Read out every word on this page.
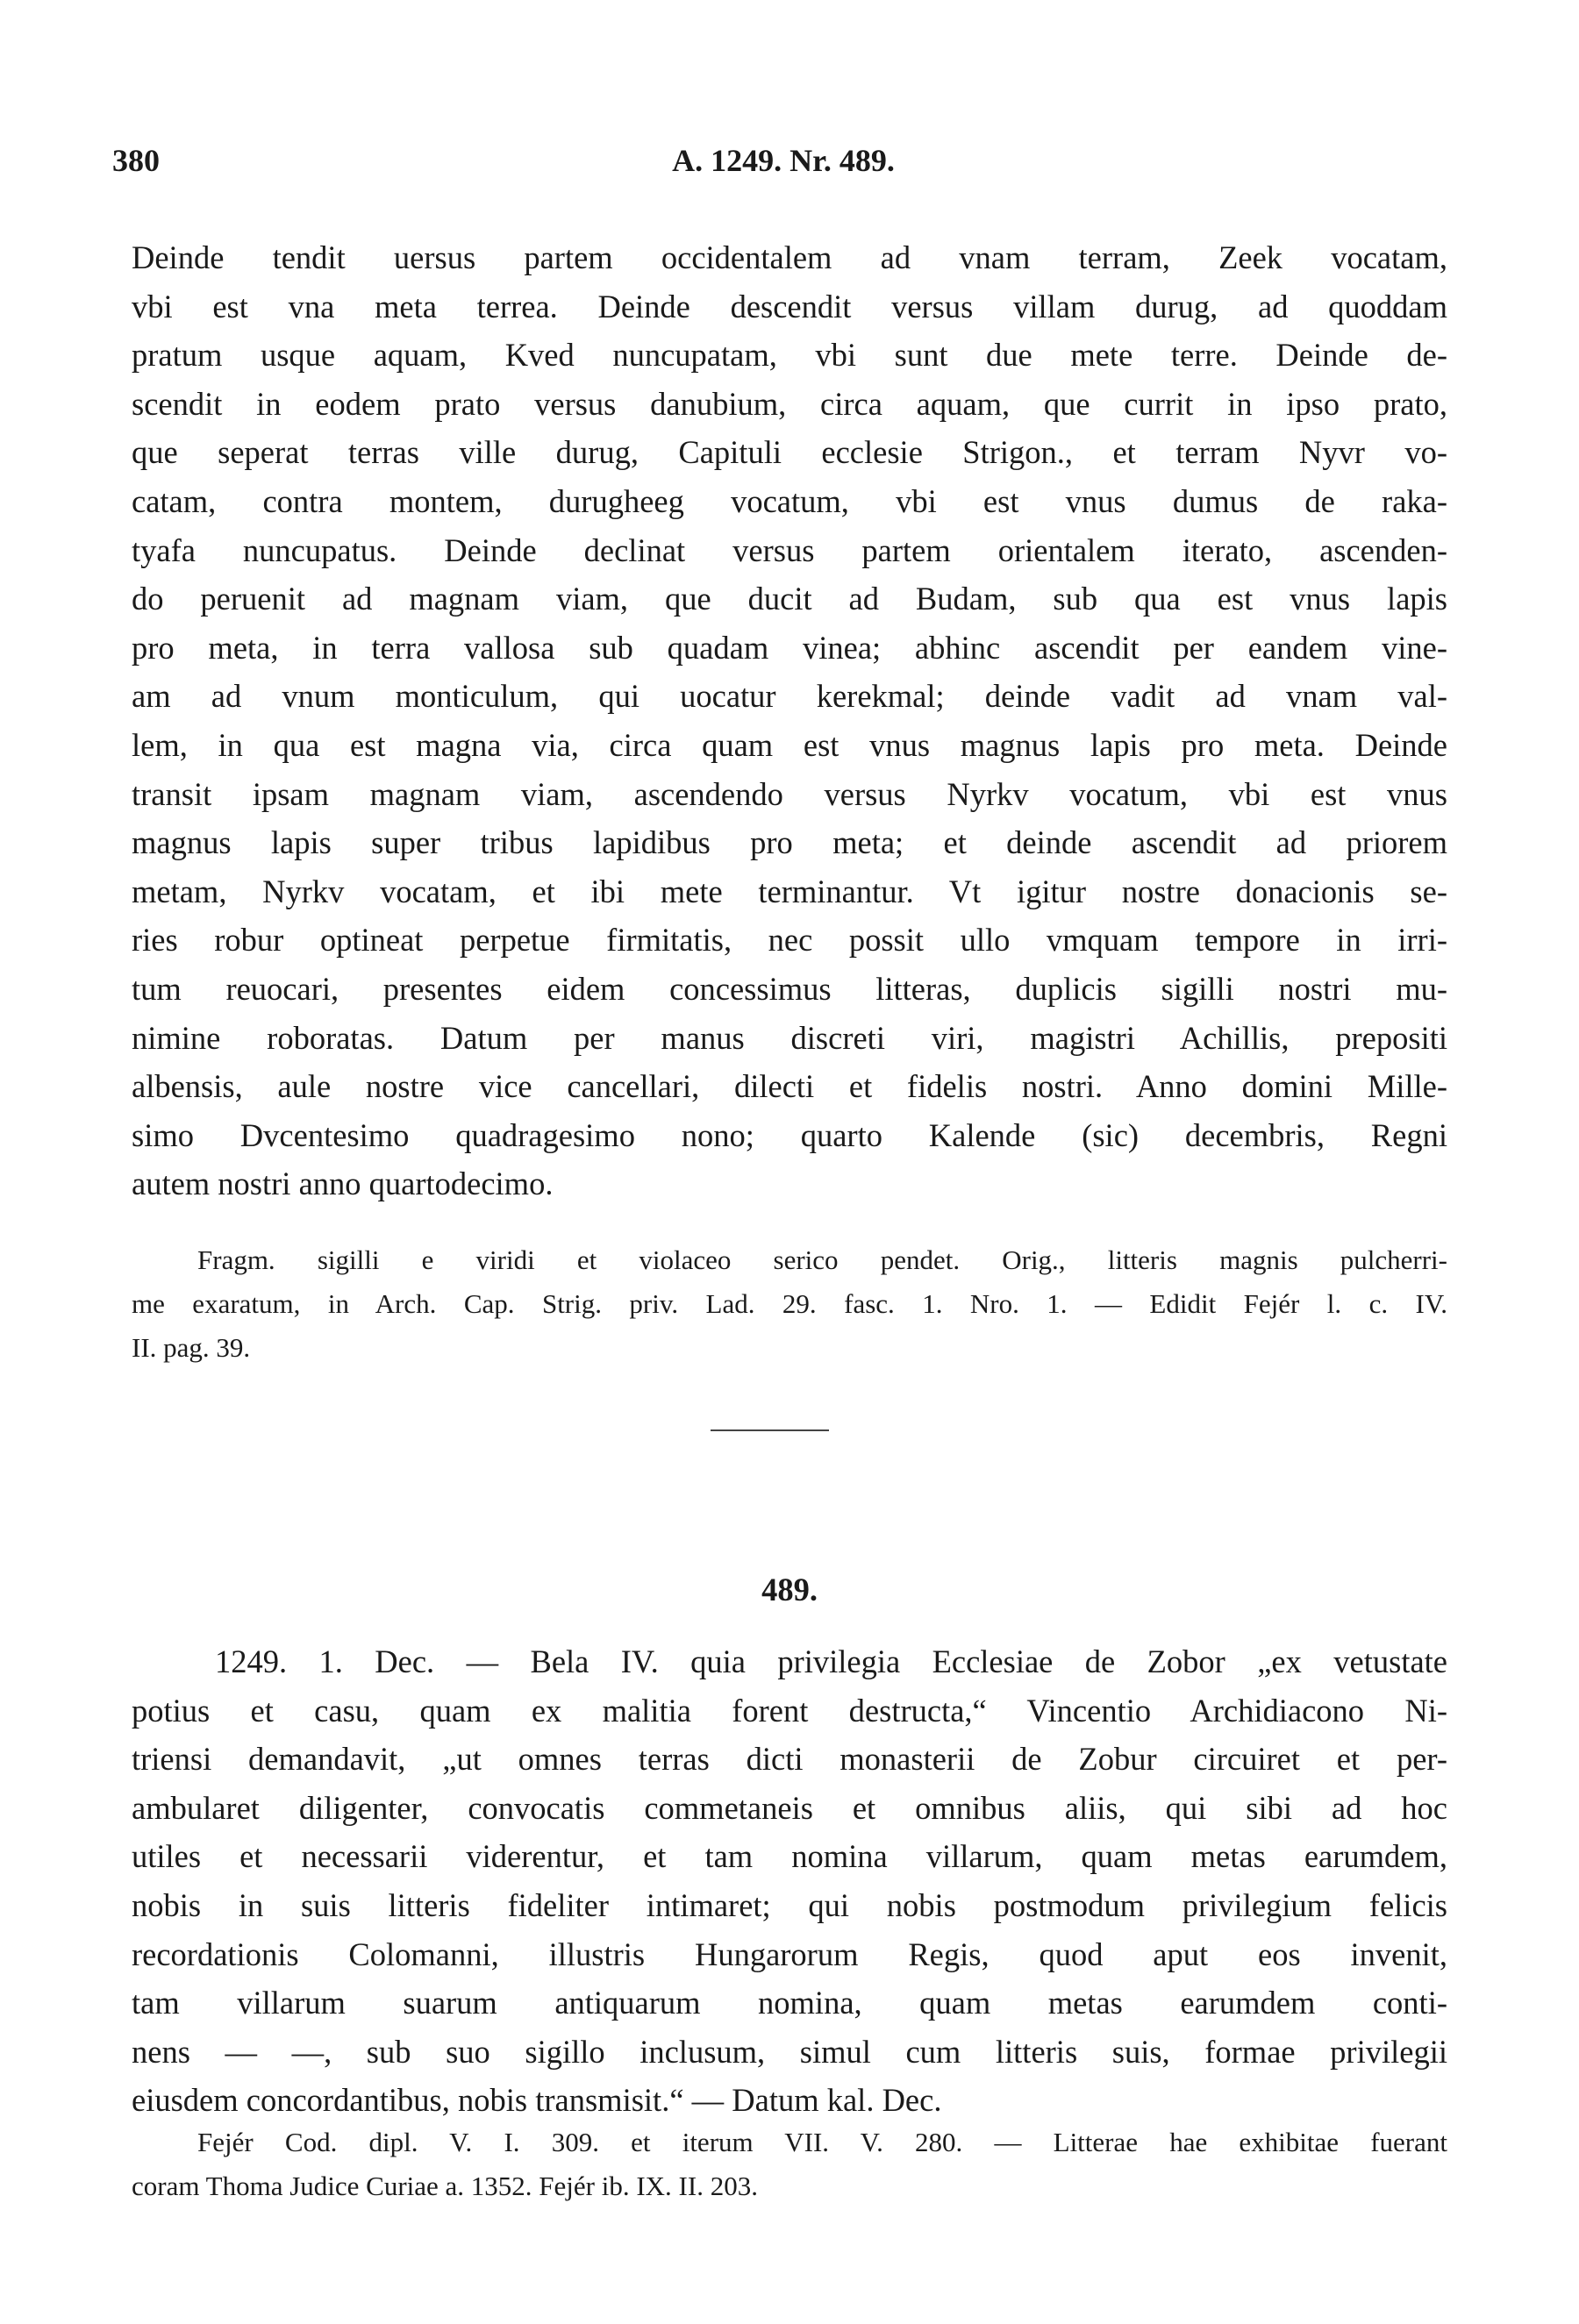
380	A. 1249. Nr. 489.
Deinde tendit uersus partem occidentalem ad vnam terram, Zeek vocatam,
vbi est vna meta terrea. Deinde descendit versus villam durug, ad quoddam
pratum usque aquam, Kved nuncupatam, vbi sunt due mete terre. Deinde de-
scendit in eodem prato versus danubium, circa aquam, que currit in ipso prato,
que seperat terras ville durug, Capituli ecclesie Strigon., et terram Nyvr vo-
catam, contra montem, durugheeg vocatum, vbi est vnus dumus de raka-
tyafa nuncupatus. Deinde declinat versus partem orientalem iterato, ascenden-
do peruenit ad magnam viam, que ducit ad Budam, sub qua est vnus lapis
pro meta, in terra vallosa sub quadam vinea; abhinc ascendit per eandem vine-
am ad vnum monticulum, qui uocatur kerekmal; deinde vadit ad vnam val-
lem, in qua est magna via, circa quam est vnus magnus lapis pro meta. Deinde
transit ipsam magnam viam, ascendendo versus Nyrkv vocatum, vbi est vnus
magnus lapis super tribus lapidibus pro meta; et deinde ascendit ad priorem
metam, Nyrkv vocatam, et ibi mete terminantur. Vt igitur nostre donacionis se-
ries robur optineat perpetue firmitatis, nec possit ullo vmquam tempore in irri-
tum reuocari, presentes eidem concessimus litteras, duplicis sigilli nostri mu-
nimine roboratas. Datum per manus discreti viri, magistri Achillis, prepositi
albensis, aule nostre vice cancellari, dilecti et fidelis nostri. Anno domini Mille-
simo Dvcentesimo quadragesimo nono; quarto Kalende (sic) decembris, Regni
autem nostri anno quartodecimo.
Fragm. sigilli e viridi et violaceo serico pendet. Orig., litteris magnis pulcherri-
me exaratum, in Arch. Cap. Strig. priv. Lad. 29. fasc. 1. Nro. 1. — Edidit Fejér l. c. IV.
II. pag. 39.
489.
1249. 1. Dec. — Bela IV. quia privilegia Ecclesiae de Zobor „ex vetustate
potius et casu, quam ex malitia forent destructa,“ Vincentio Archidiacono Ni-
triensi demandavit, „ut omnes terras dicti monasterii de Zobur circuiret et per-
ambularet diligenter, convocatis commetaneis et omnibus aliis, qui sibi ad hoc
utiles et necessarii viderentur, et tam nomina villarum, quam metas earumdem,
nobis in suis litteris fideliter intimaret; qui nobis postmodum privilegium felicis
recordationis Colomanni, illustris Hungarorum Regis, quod aput eos invenit,
tam villarum suarum antiquarum nomina, quam metas earumdem conti-
nens — —, sub suo sigillo inclusum, simul cum litteris suis, formae privilegii
eiusdem concordantibus, nobis transmisit.“ — Datum kal. Dec.
Fejér Cod. dipl. V. I. 309. et iterum VII. V. 280. — Litterae hae exhibitae fuerant
coram Thoma Judice Curiae a. 1352. Fejér ib. IX. II. 203.
